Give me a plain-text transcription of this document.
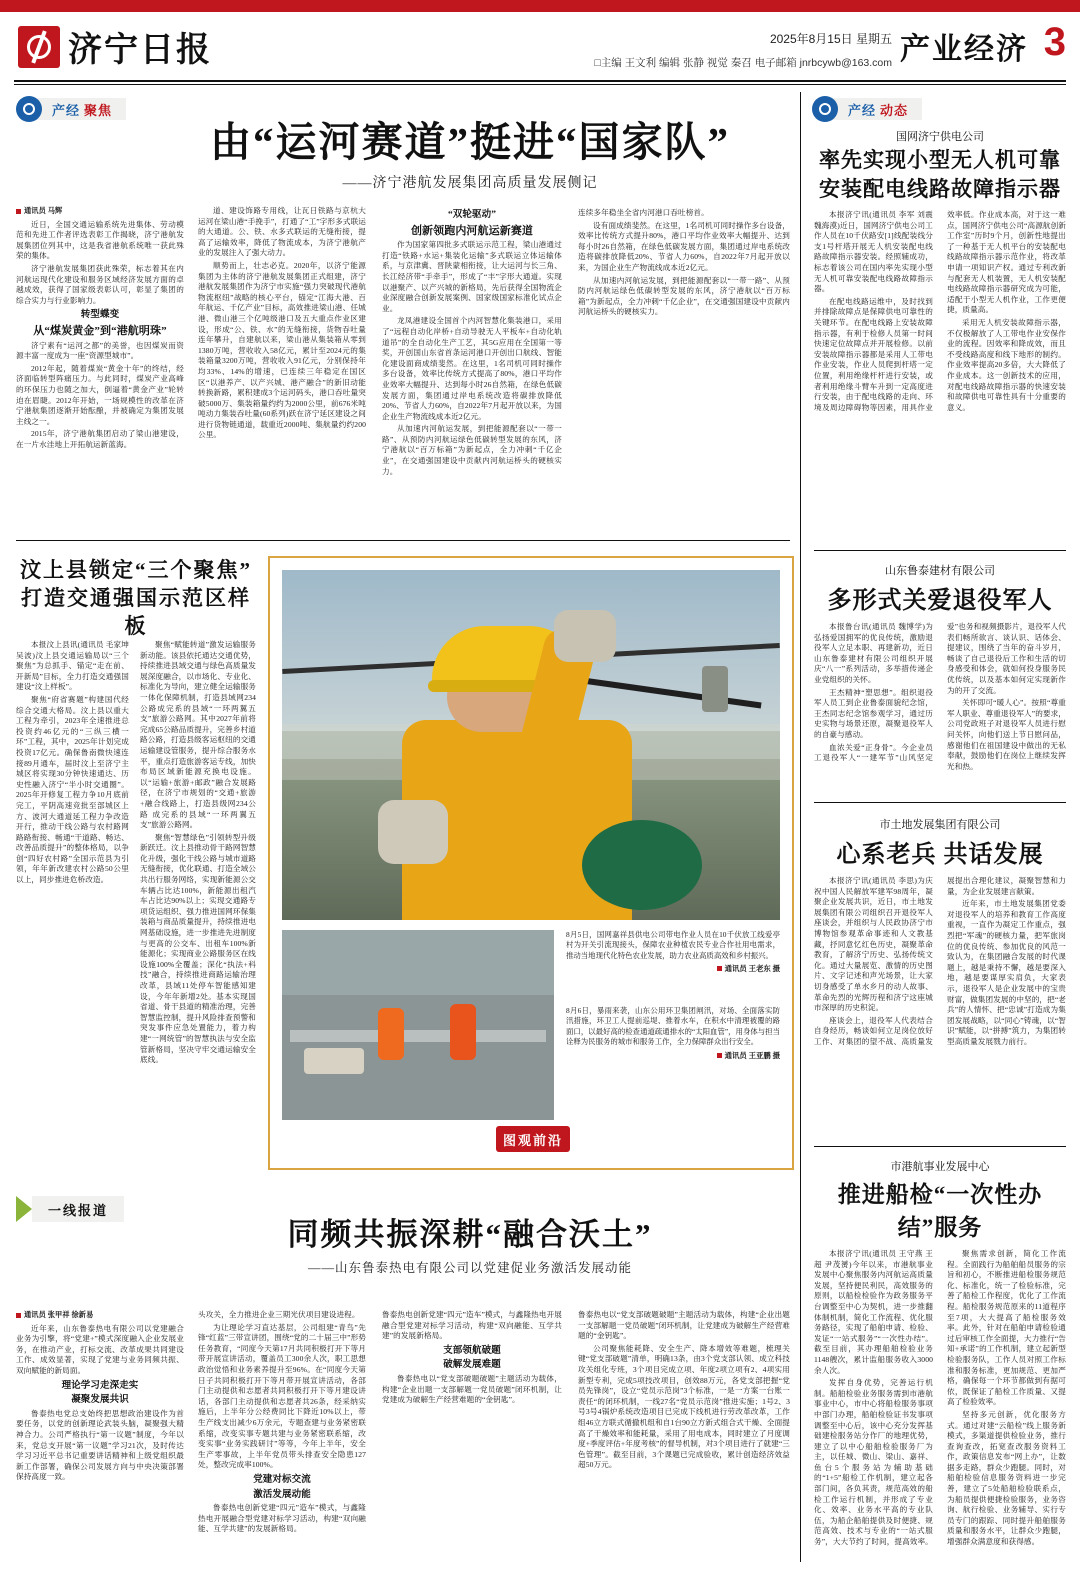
济宁日报	2025年8月15日 星期五
□主编 王文利 编辑 张静 视觉 秦召 电子邮箱 jnrbcywb@163.com 产业经济 3
产经 聚焦	产经 动态
由“运河赛道”挺进“国家队”
——济宁港航发展集团高质量发展侧记
通讯员 马辉

近日，全国交通运输系统先进集体、劳动模范和先进工作者评选表彰工作揭晓，济宁港航发展集团位列其中，这是我省港航系统唯一获此殊荣的集体。

济宁港航发展集团获此殊荣，标志着其在内河航运现代化建设和服务区域经济发展方面的卓越成效，获得了国家级表彰认可，彰显了集团的综合实力与行业影响力。

转型蝶变
从“煤炭黄金”到“港航明珠”

济宁素有“运河之都”的美誉，也因煤炭而资源丰富一度成为一座“资源型城市”。

2012年起，随着煤炭“黄金十年”的终结，经济面临转型阵痛压力。与此同时，煤炭产业高峰的环保压力也随之加大，倒逼着“黄金产业”轮转迫在眉睫。2012年开始，一场规模性的改革在济宁港航集团逐渐开始酝酿，并被确定为集团发展主线之一。

2015年，济宁港航集团启动了梁山港建设，在一片水洼地上开拓航运新蓝海。

道、建设饰路专用线，让瓦日铁路与京杭大运河在梁山港“手挽手”，打通了“工”字形多式联运的大通道。公、铁、水多式联运的无缝衔接，提高了运输效率，降低了物流成本，为济宁港航产业的发展注入了强大动力。

顺势而上，壮志必克。2020年，以济宁能源集团为主体的济宁港航发展集团正式组建，济宁港航发展集团作为济宁市实施“强力突破现代港航物流枢纽”战略的核心平台，锚定“江海大港、百年航运、千亿产业”目标，高效推进梁山港、任城港、微山港三个亿吨级港口及五大重点作业区建设，形成“公、铁、水”的无缝衔接，货物吞吐量连年攀升，自建航以来，梁山港从集装箱从零到1380万吨，营收收入58亿元，累计至2024元的集装箱量3200万吨，营收收入91亿元，分别保持年均33%、14%的增速，已连续三年稳定在国区区“以港养产、以产兴城、港产融合”的新旧动能转换新路，累积建成3个运河码头，港口吞吐量突破5000万、集装箱量约约为2000公里，前676米吨吨动力集装吞吐量(60系列)跃在济宁延区建设之间进行货物链通道，载重近2000吨、集航量约约200公里。

“双轮驱动”
创新领跑内河航运新赛道

作为国家第四批多式联运示范工程，梁山港通过打造“铁路+水运+集装化运输”多式联运立体运输体系，与京津冀、晋陕蒙相衔接，让大运河与长三角、长江经济带“手牵手”，形成了“丰”字形大通道。实现以港聚产、以产兴城的新格局，先后获得全国物流企业深度融合创新发展案例、国家级国家标准化试点企业。

龙凤港建设全国首个内河智慧化集装港口，采用了“远程自动化岸桥+自动导驶无人平板车+自动化轨道吊”的全自动化生产工艺，其5G应用在全国第一等奖，开创国山东省首条运河港口开创出口航线、智能化建设面商成绩斐然。在这里，1名司机可同时操作多台设备，效率比传统方式提高了80%，港口平均作业效率大幅提升、达到每小时26自然箱，在绿色低碳发展方面，集团通过岸电系统改造将碳排放降低20%、节省人力60%，自2022年7月起开放以来，为国企业生产物流线成本近2亿元。

从加速内河航运发展，到把能源配套以“一带一路”、从预防内河航运绿色低碳转型发展的东风，济宁港航以“百万标箱”为新起点，全力冲刺“千亿企业”，在交通强国建设中贡献内河航运桥头的硬核实力。

连续多年稳坐全省内河港口吞吐榜首。

设有面成绩斐然。在这里，1名司机可同时操作多台设备，效率比传统方式提升80%，港口平均作业效率大幅提升、达到每小时26自然箱，在绿色低碳发展方面，集团通过岸电系统改造将碳排放降低20%、节省人力60%，自2022年7月起开放以来，为国企业生产物流线成本近2亿元。

从加速内河航运发展，到把能源配套以“一带一路”、从预防内河航运绿色低碳转型发展的东风，济宁港航以“百万标箱”为新起点，全力冲刺“千亿企业”，在交通强国建设中贡献内河航运桥头的硬核实力。

汶上县锁定“三个聚焦”
打造交通强国示范区样板

本报汶上县讯(通讯员 毛家坤 吴波)汶上县交通运输局以“三个聚焦”为总抓手、锚定“走在前、开新局”目标，全力打造交通强国建设“汶上样板”。

聚焦“府省赛题”构建国代经综合交通大格局。汶上县以重大工程为牵引，2023年全速推进总投资约46亿元的“三纵三横一环”工程，其中，2025年计划完成投资17亿元。确保鲁南微快速连接89月通车，届时汶上至济宁主城区将实现30分钟快速通达、历史性融入济宁“半小时交通圈”。2025年开修复工程力争10月底前完工，平阴高速竞批至部城区上方、波河大通道延工程力争改造开行，推动干线公路与农村路网路路衔接、畅通“干道路、畅达、改善品质提升”的整体格局，以争创“四好农村路”全国示范县为引领，年年新改建农村公路50公里以上，同步推进危桥改造。

聚焦“赋能转道”激发运输服务新动能。该县依托通达交通优势，持续推进县域交通与绿色高质量发展深度融合，以市场化、专业化、标准化为导向，建立健全运输服务一体化保障机制，打造县域网234公路成完系的县域“一环两翼五支”旅游公路网。其中2027年前将完成65公路品质提升，完善乡村道路公路，打造县级客运枢纽的交通运输建设管服务，提升综合服务水平，重点打造旅游客运专线，加快布局区域新能源充换电设施。以“运输+旅游+邮政”融合发展路径，在济宁市规划的“交通+旅游+融合线路上，打造县级网234公路 成完系的县域“一环两翼五支”旅游公路网。

聚焦“智慧绿色”引领转型升级新跃迁。汶上县推动骨干路网智慧化升级，强化干线公路与城市道路无缝衔接，优化联通、打造全域公共出行服务网络，实现新能源公交车辆占比达100%，新能源出租汽车占比达90%以上；实现交通路专项货运组织、强力推进国网环保集装箱与商品质量提升，持续推进电网基础设施，进一步推进先进制度与更高的公交车、出租车100%新能源化；实现商业公路服务区在线设施100%全覆盖；深化“执法+科技”融合，持续推进商路运输治理改革，县域11处停车智能感知建设，今年年新增2处。基本实现国省道、骨干县道的精准治理，完善智慧监控制，提升风险排查预警和突发事件应急处置能力，着力构建“一网统管”的智慧执法与安全监管新格局，坚决守牢交通运输安全底线。

8月5日，国网嘉祥县供电公司带电作业人员在10千伏放工线爱亭村为开关引流现接头，保障农业种植农民专业合作社用电需求，推动当地现代化特色农业发展，助力农业高质高效和乡村振兴。
通讯员 王老东 摄
8月6日，暴雨来袭，山东公用环卫集团闸汛，对场、全面落实防汛措施，环卫工人提前巡堤、推着水车，在积水中清理被覆的路面口，以最好高的检查通道疏通排水的“太阳血管”，用身体与担当诠释为民服务的城市和服务工作，全力保障群众出行安全。
通讯员 王亚鹏 摄
图观前沿
一线报道
同频共振深耕“融合沃土”
——山东鲁泰热电有限公司以党建促业务激活发展动能
通讯员 张甲祥 徐新易

近年来，山东鲁泰热电有限公司以党建融合业务为引擎，将“党建+”模式深度融入企业发展业务，在推动产业，打标交流、改革成果共同建设工作、成效显著，实现了党建与业务同频共振、双向赋能的新局面。

理论学习走深走实
凝聚发展共识

鲁泰热电党总支始终把思想政治建设作为首要任务，以党的创新理论武装头脑，凝聚强大精神合力。公司严格执行“第一议题”制度，今年以来，党总支开展“第一议题”学习21次，及时传达学习习近平总书记重要讲话精神和上级党组织最新工作部署，确保公司发展方向与中央决策部署保持高度一致。

头攻关，全力推进企业三期光伏项目建设进程。

为让理论学习直达基层，公司组建“青鸟”先锋“红蓝”三带宣讲团，围绕“党的二十届三中”形势任务教育，“同度今天第17月共同积极打开下等月带开展宣讲活动，覆盖员工300余人次，职工思想政治觉悟和业务素养提升至96%。在“同度今天第日子共同积极打开下等月带开展宣讲活动，各部门主动提供和志愿者共同积极打开下等月建设讲话，各部门主动提供和志愿者共26条，经采纳实施后，上半年分公经费同比下降近10%以上，带生产线支出减少6万余元，专题查建与业务紧密联系缩，改变实事专题共建与业务紧密联系缩，改变实事“业务实践研讨”等等，今年上半年，安全生产零事故，上半年党员带头排查安全隐患127处，整改完成率100%。

党建对标交流
激活发展动能

鲁泰热电创新党建“四元”造车”模式，与鑫隆热电开展融合型党建对标学习活动，构建“双向融能、互学共建”的发展新格局。

鲁泰热电创新党建“四元”造车”模式，与鑫隆热电开展融合型党建对标学习活动，构建“双向融能、互学共建”的发展新格局。

支部领航破题
破解发展难题

鲁泰热电以“党支部破题破题”主题活动为载体，构建“企业出题一支部解题一党员破题”闭环机制，让党建成为破解生产经营难题的“金钥匙”。

鲁泰热电以“党支部破题破题”主题活动为载体，构建“企业出题一支部解题一党员破题”闭环机制，让党建成为破解生产经营难题的“金钥匙”。

公司聚焦能耗降、安全生产、降本增效等难题，梳理关键“党支部破题”清单，明确13条，由3个党支部认领、成立科技攻关组化专班，3个项目完成立项、年度2项立项有2、4项实用新型专利，完成5项技改项目，创效88万元，各党支部把握“党员先锋岗”，设立“党员示范岗”3个标准，一是一方案一台账一责任“的闭环机制，一线27名“党员示范岗”推进实施；1号2、3号3号4锅炉系统改造项目已完成下线机进行劳改革改革，工作组46立方联式循撤机组和自1台90立方新式组合式干燥、全面提高了干燥效率和能耗量，采用了用电成本，同时建立了月度调度+季度评估+年度考核”的督导机制，对3个项目进行了就建“三色管理”。截至目前，3个课题已完成验收，累计创造经济效益超50万元。

国网济宁供电公司
率先实现小型无人机可靠
安装配电线路故障指示器

本报济宁讯(通讯员 李军 刘震 魏海漠)近日，国网济宁供电公司工作人员在10千伏路安[1]线配装线分支1号杆塔开展无人机安装配电线路故障指示器安装。经照辅成功，标志着该公司在国内率先实现小型无人机可靠安装配电线路故障指示器。

在配电线路运维中，及时找到并排除故障点是保障供电可靠性的关键环节。在配电线路上安装故障指示器，有利于检修人员第一时间快速定位故障点并开展检修。以前安装故障指示器都是采用人工带电作业安装，作业人员爬到杆塔一定位置，利用绝缘杆杆进行安装，或者利用绝缘斗臂车升到一定高度进行安装，由于配电线路的走向、环境及周边障碍物等因素，用具作业效率低。作业成本高，对于这一难点，国网济宁供电公司“高源航创新工作室”历时9个月，创新性地提出了一种基于无人机平台的安装配电线路故障指示器示范作业，将改革申请一项知识产权。通过专利改新与配套无人机装置，无人机安装配电线路故障指示器研究成为可能，适配于小型无人机作业，工作更便捷，质量高。

采用无人机安装故障指示器，不仅极解放了人工带电作业安保作业的流程。因效率和降成效，而且不受线路高度和线下地形的制约。作业效率提高20多倍，大大降低了作业成本。这一创新技术的应用，对配电线路故障指示器的快速安装和故障供电可靠性具有十分重要的意义。

山东鲁泰建材有限公司
多形式关爱退役军人

本报鲁台讯(通讯员 魏博学)为弘扬爱国拥军的优良传统，激励退役军人立足本职、再建新功，近日山东鲁泰建材有限公司组织开展庆“八一”系列活动，多举措传递企业党组织的关怀。

王杰精神“塑思想”。组织退役军人员工到企业鲁泰面貌纪念馆，王杰同志纪念馆参观学习，通过历史实物与场景还原，凝聚退役军人的自豪与感动。

血浓关爱“正身骨”。今企业员工退役军人“一建军节”山风坚定爱”也务和视频摄影片，退役军人代表们畅所欲言、谈认识、话体会、提建议，围绕了当年的奋斗岁月，畅谈了自己退役后工作和生活的切身感受和体会，就如何投身服务民优传统，以及基本如何定实现新作为的开了交流。

关怀即可“暖人心”。按照“尊重军人职业、尊重退役军人”的要求，公司党政班子对退役军人员进行慰问关怀，向他们送上节日慰问品，感谢他们在祖国建设中做出的无私奉献，鼓励他们在岗位上继续发挥光和热。

市土地发展集团有限公司
心系老兵 共话发展

本报济宁讯(通讯员 李思)为庆祝中国人民解放军建军98周年，凝聚企业发展共识，近日，市土地发展集团有限公司组织召开退役军人座谈会，并组织与人民政协济宁市博物馆参观革命事迹和人文教基藏，抒同意忆红色历史，凝聚革命教育，了解济宁历史、弘扬传统文化。通过大量展览、激情的历史图片、文字记述和声光场景，让大家切身感受了单水乡月的动人故事、革命先烈的光辉历程和济宁这座城市深厚的历史积淀。

座谈会上，退役军人代表结合自身经历，畅谈如何立足岗位放好工作、对集团的望不战、高质量发展提出合理化建议，凝聚智慧和力量，为企业发展建言献策。

近年来，市土地发展集团党委对退役军人的培养和教育工作高度重视，一直作为凝定工作重点，强烈把“军魂”的硬核力量，把军旅岗位的优良传统、参加优良的风范一致认为，在集团融合发展的时代课题上，越是秉持不懈，越是要深入地，越是要谋厚实肩负，大家表示，退役军人是企业发展中的宝贵财富，做集团发展的中坚的，把“老兵”的人情怀、把“忠诚”打造成为集团发展战略，以“同心”铸魂，以“智识”赋能，以“拼搏”筑力，为集团转型高质量发展戮力前行。

市港航事业发展中心
推进船检“一次性办结”服务

本报济宁讯(通讯员 王守燕 王超 尹茂赟)今年以来，市港航事业发展中心聚焦服务内河航运高质量发展，坚持便民利民，高效服务的原则，以船检检验作为政务服务平台调整至中心为契机，进一步推翻体制机制，简化工作流程、优化服务路径，实现了船舶申请、检验、发证“一站式服务”“一次性办结”。截至目前，其办理船舶检验业务1148艘次，累计监船服务收入3000余人次。

发挥自身优势，完善运行机制。船舶检验业务服务需到市港航事业中心，市中心将船检服务事项中部门办理，船舶检验证书发事项调整至中心后，该中心充分发挥基础建检服务站分作厂的地理优势，建立了以中心船舶检验服务厂为主，以任城、微山、梁山、嘉祥、鱼台5个服务站为辅助基础的“1+5”船检工作机制，建立起各部门间，各负其责，规范高效的船检工作运行机制，并形成了专业化、效率、业务水平高的专业队伍，为船企船舶提供及时便捷、规范高效、技术与专业的“一站式服务”，大大节约了时间，提高效率。

聚焦需求创新，简化工作流程。全面践行为船舶船员服务的宗旨和初心，不断推进船检服务规范化、标准化，统一了检验标准，完善了船检工作程度，优化了工作流程。船检服务规范原来的11道程序至7项，大大提高了船检服务效率。此外，针对在船舶申请检验通过后审核工作全面提，大力推行“告知+承诺”的工作机制，建立起新型检验服务队，工作人员对照工作标准和服务标准，更加规范、更加严格，确保每一个环节都做到有据可依，既保证了船检工作质量、又提高了检验效率。

坚持多元创新，优化服务方式。通过对建“云船检”线上服务新模式，多渠道提供检验业务，推行查询查改，拓宽查改服务资料工作，政策信息发布“网上办”，让数据多走路，群众少跑腿。同时，对船舶检验信息服务资料进一步完善，建立了5处船舶检验联系点，为船员提供便捷检验服务，业务咨询、航行检验、业务辅导、实行专员专门的跟踪、同时提升船舶服务质量和服务水平，让群众少跑腿，增强群众满意度和获得感。
